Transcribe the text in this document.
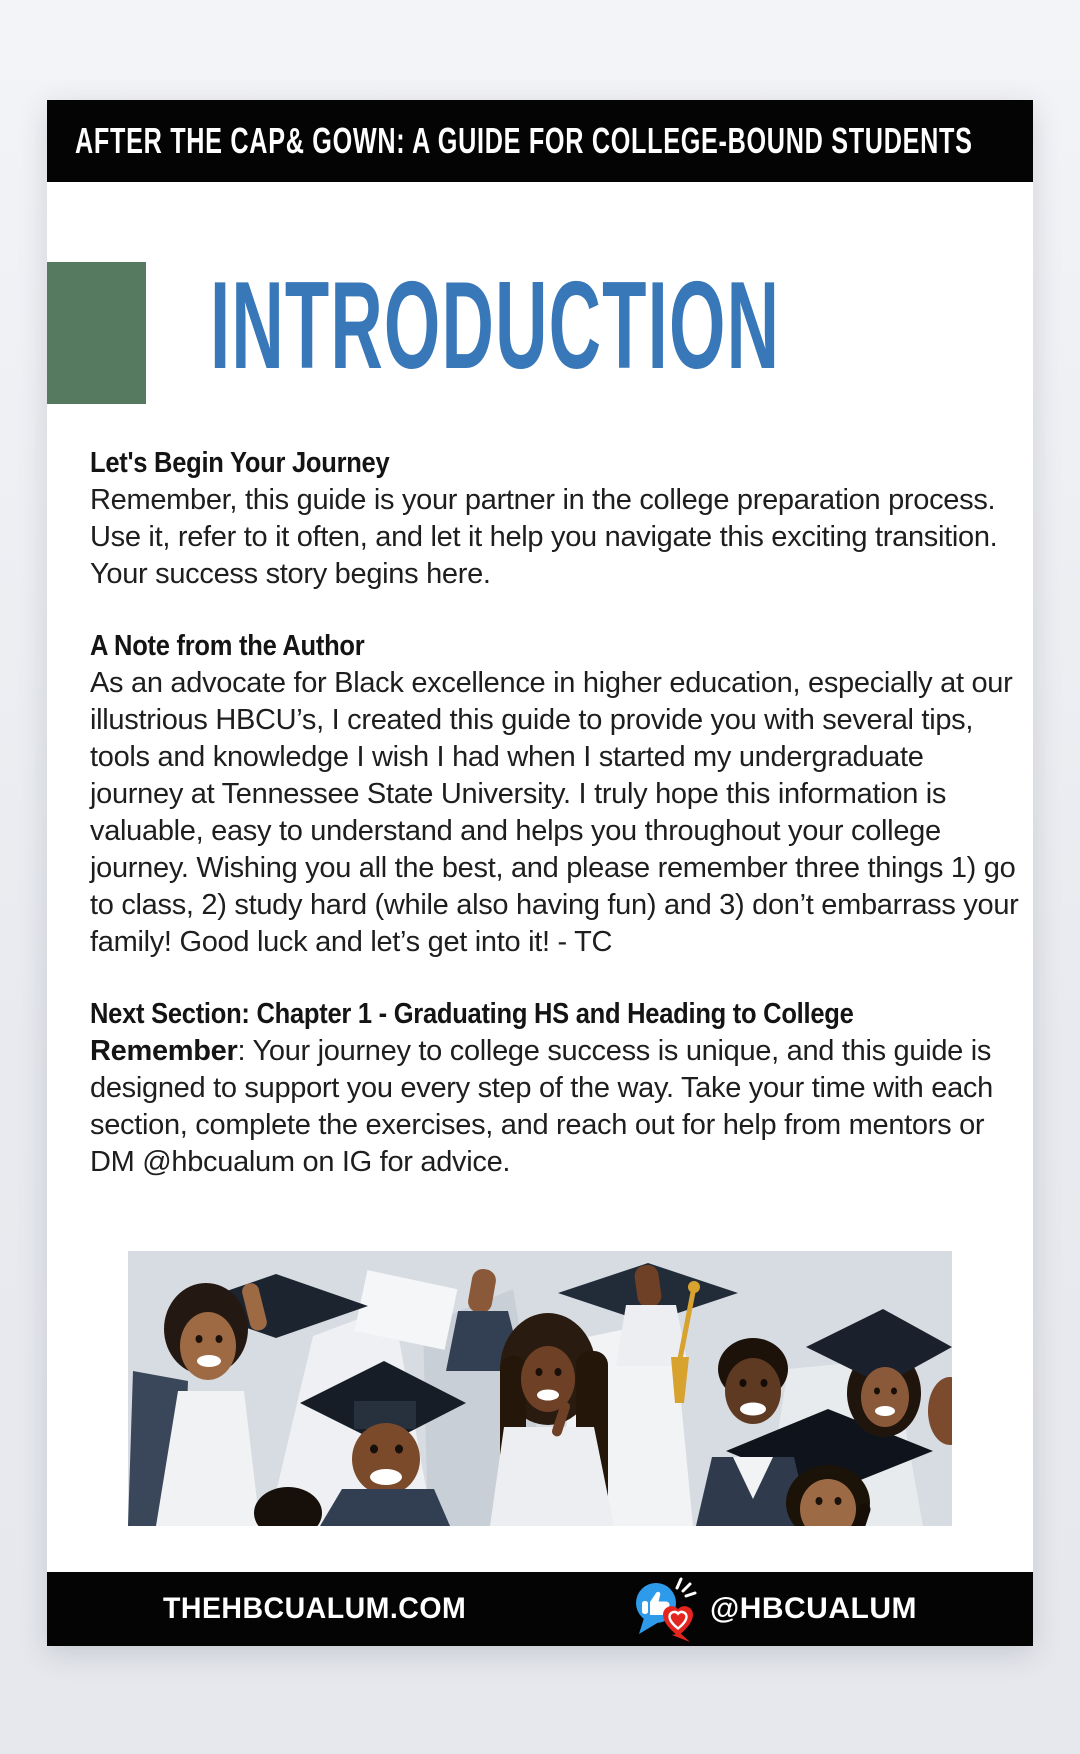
AFTER THE CAP& GOWN: A GUIDE FOR COLLEGE-BOUND STUDENTS
INTRODUCTION
Let's Begin Your Journey

Remember, this guide is your partner in the college preparation process. Use it, refer to it often, and let it help you navigate this exciting transition. Your success story begins here.

A Note from the Author

As an advocate for Black excellence in higher education, especially at our illustrious HBCU’s, I created this guide to provide you with several tips, tools and knowledge I wish I had when I started my undergraduate journey at Tennessee State University. I truly hope this information is valuable, easy to understand and helps you throughout your college journey. Wishing you all the best, and please remember three things 1) go to class, 2) study hard (while also having fun) and 3) don’t embarrass your family! Good luck and let’s get into it! - TC

Next Section: Chapter 1 - Graduating HS and Heading to College

Remember: Your journey to college success is unique, and this guide is designed to support you every step of the way. Take your time with each section, complete the exercises, and reach out for help from mentors or DM @hbcualum on IG for advice.

THEHBCUALUM.COM	@HBCUALUM
